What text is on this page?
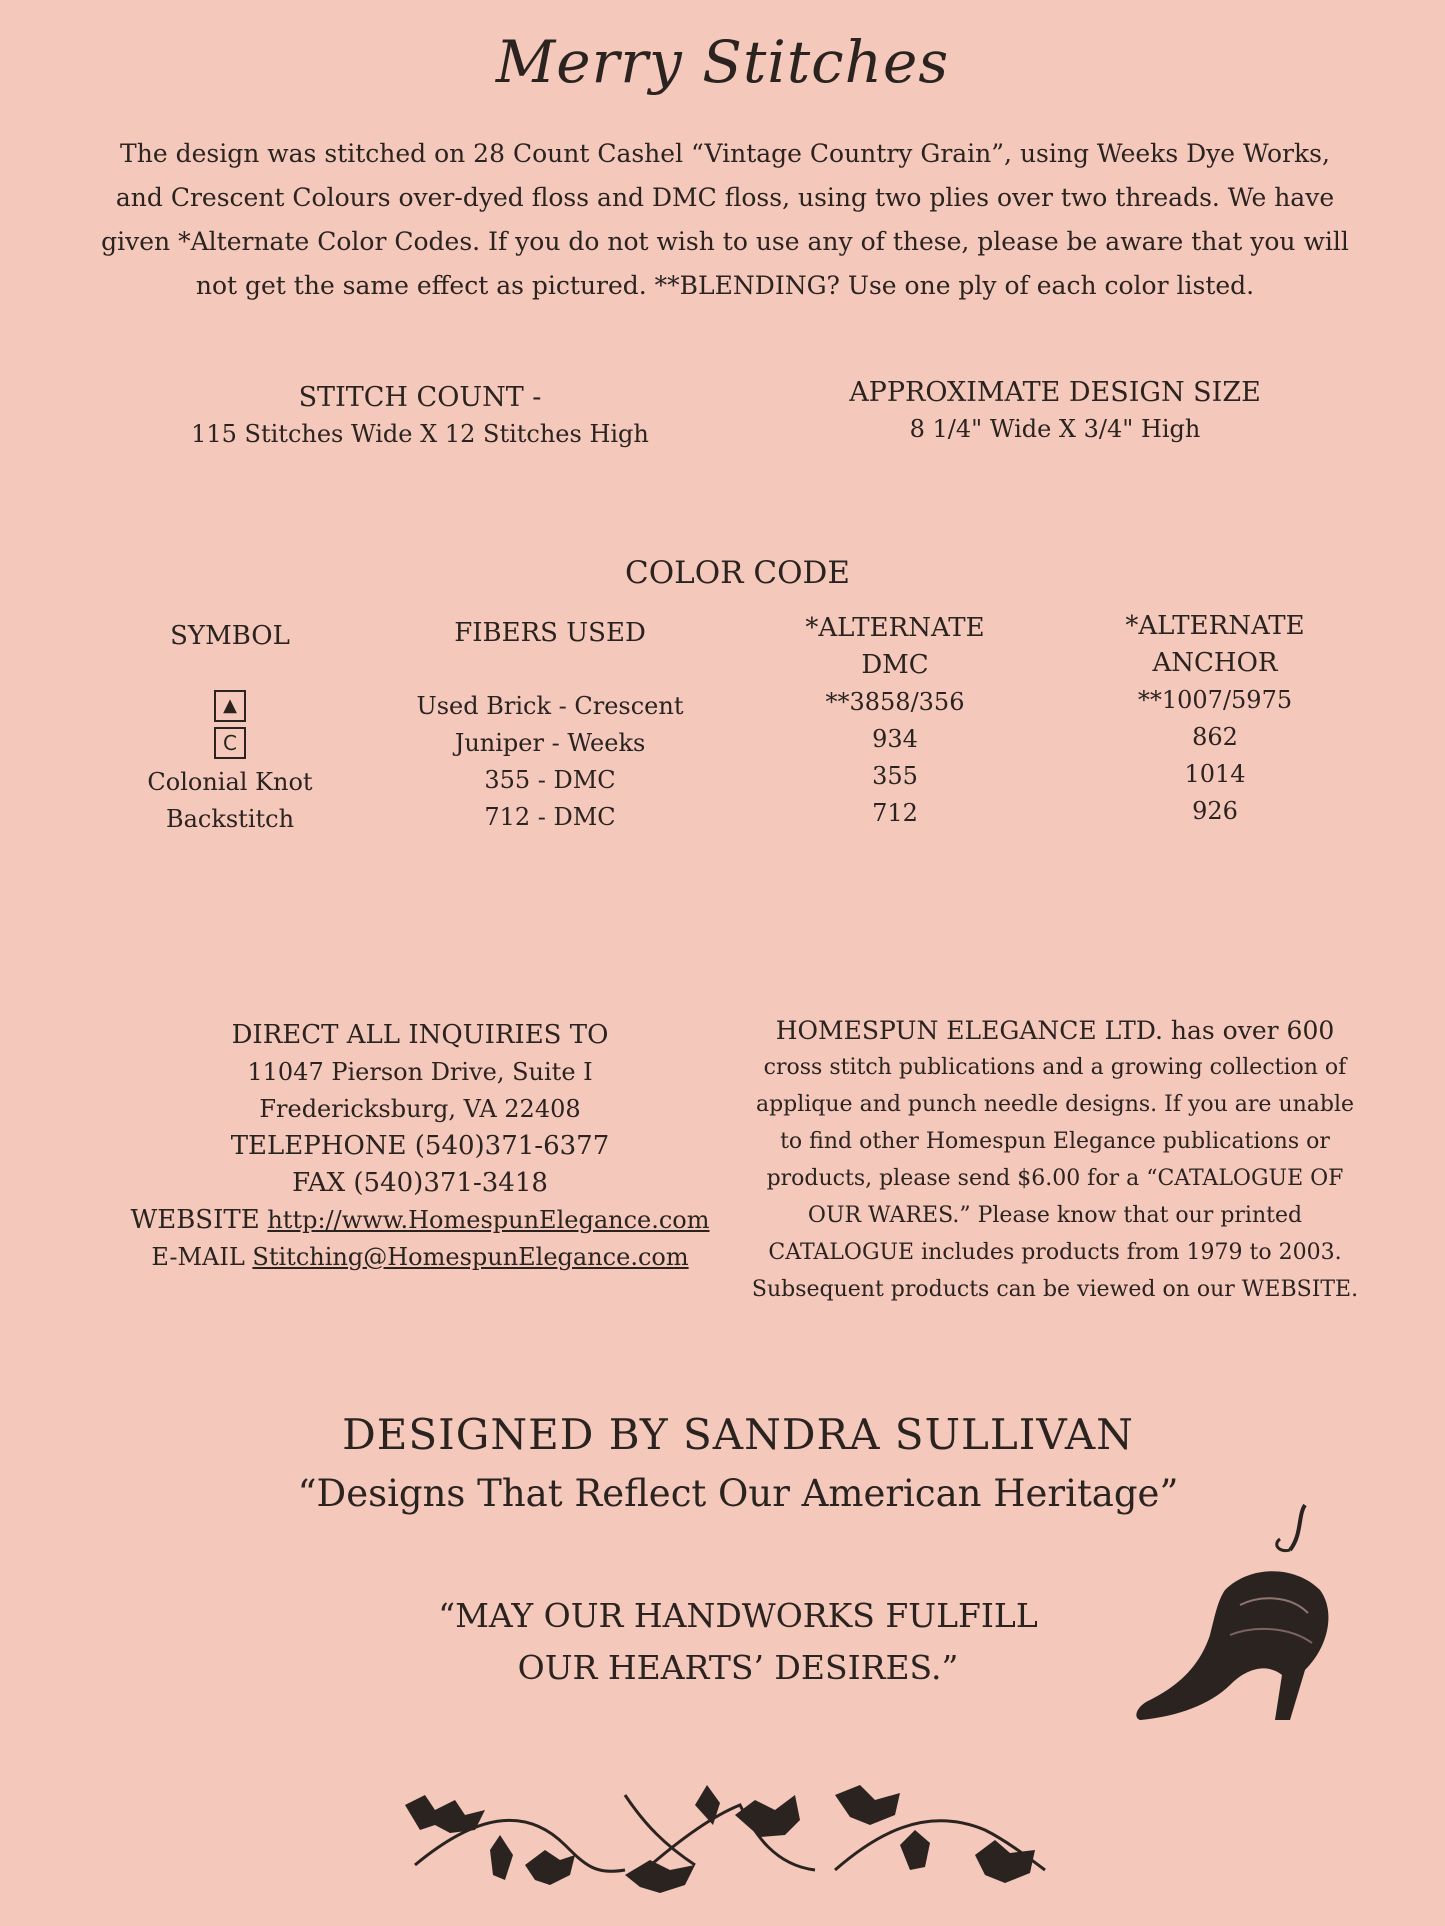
Merry Stitches
The design was stitched on 28 Count Cashel “Vintage Country Grain”, using Weeks Dye Works,
and Crescent Colours over-dyed floss and DMC floss, using two plies over two threads. We have
given *Alternate Color Codes. If you do not wish to use any of these, please be aware that you will
not get the same effect as pictured. **BLENDING? Use one ply of each color listed.
STITCH COUNT -
115 Stitches Wide X 12 Stitches High
APPROXIMATE DESIGN SIZE
8 1/4" Wide X 3/4" High
COLOR CODE
SYMBOL	FIBERS USED	*ALTERNATE
DMC
*ALTERNATE
ANCHOR
▲
C
Colonial Knot
Backstitch
Used Brick - Crescent
Juniper - Weeks
355 - DMC
712 - DMC
**3858/356
934
355
712
**1007/5975
862
1014
926
DIRECT ALL INQUIRIES TO
11047 Pierson Drive, Suite I
Fredericksburg, VA 22408
TELEPHONE (540)371-6377
FAX (540)371-3418
WEBSITE http://www.HomespunElegance.com
E-MAIL Stitching@HomespunElegance.com
HOMESPUN ELEGANCE LTD. has over 600
cross stitch publications and a growing collection of
applique and punch needle designs. If you are unable
to find other Homespun Elegance publications or
products, please send $6.00 for a “CATALOGUE OF
OUR WARES.” Please know that our printed
CATALOGUE includes products from 1979 to 2003.
Subsequent products can be viewed on our WEBSITE.
DESIGNED BY SANDRA SULLIVAN
“Designs That Reflect Our American Heritage”
“MAY OUR HANDWORKS FULFILL
OUR HEARTS’ DESIRES.”
